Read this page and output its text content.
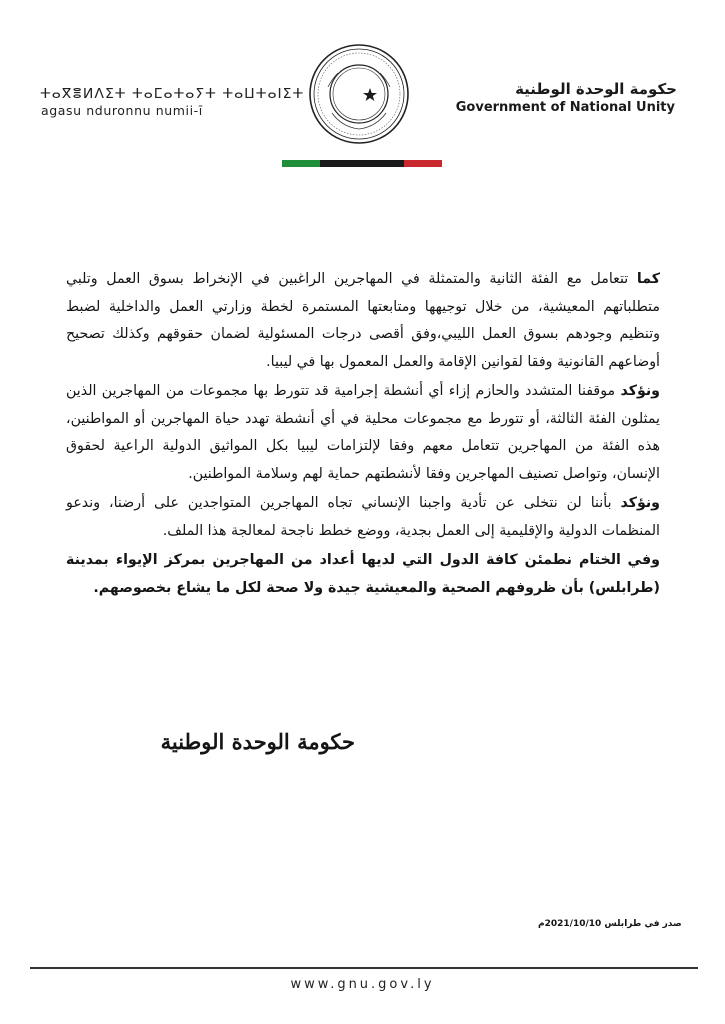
ⵜⴰⴳⴻⵍⴷⵉⵜ ⵜⴰⵎⴰⵜⴰⵢⵜ ⵜⴰⵡⵜⴰⵏⵉⵜ
agasu nduronnu numii-ī
حكومة الوحدة الوطنية
Government of National Unity

كما تتعامل مع الفئة الثانية والمتمثلة في المهاجرين الراغبين في الإنخراط بسوق العمل وتلبي متطلباتهم المعيشية، من خلال توجيهها ومتابعتها المستمرة لخطة وزارتي العمل والداخلية لضبط وتنظيم وجودهم بسوق العمل الليبي،وفق أقصى درجات المسئولية لضمان حقوقهم وكذلك تصحيح أوضاعهم القانونية وفقا لقوانين الإقامة والعمل المعمول بها في ليبيا.

ونؤكد موقفنا المتشدد والحازم إزاء أي أنشطة إجرامية قد تتورط بها مجموعات من المهاجرين الذين يمثلون الفئة الثالثة، أو تتورط مع مجموعات محلية في أي أنشطة تهدد حياة المهاجرين أو المواطنين، هذه الفئة من المهاجرين تتعامل معهم وفقا لإلتزامات ليبيا بكل المواثيق الدولية الراعية لحقوق الإنسان، وتواصل تصنيف المهاجرين وفقا لأنشطتهم حماية لهم وسلامة المواطنين.

ونؤكد بأننا لن نتخلى عن تأدية واجبنا الإنساني تجاه المهاجرين المتواجدين على أرضنا، وندعو المنظمات الدولية والإقليمية إلى العمل بجدية، ووضع خطط ناجحة لمعالجة هذا الملف.

وفي الختام نطمئن كافة الدول التي لديها أعداد من المهاجرين بمركز الإيواء بمدينة (طرابلس) بأن ظروفهم الصحية والمعيشية جيدة ولا صحة لكل ما يشاع بخصوصهم.

حكومة الوحدة الوطنية
صدر في طرابلس 2021/10/10م
www.gnu.gov.ly
